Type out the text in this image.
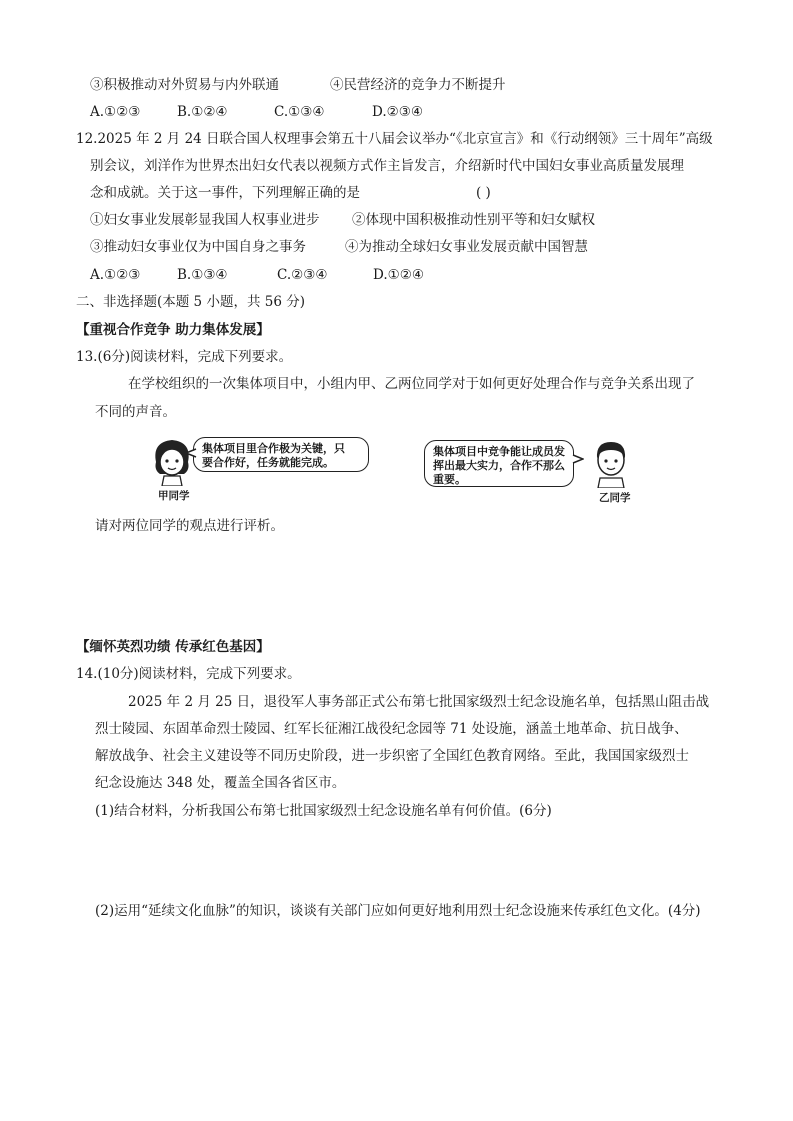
③积极推动对外贸易与内外联通	④民营经济的竞争力不断提升
A.①②③	B.①②④	C.①③④	D.②③④
12.2025 年 2 月 24 日联合国人权理事会第五十八届会议举办“《北京宣言》和《行动纲领》三十周年”高级
别会议，刘洋作为世界杰出妇女代表以视频方式作主旨发言，介绍新时代中国妇女事业高质量发展理
念和成就。关于这一事件，下列理解正确的是	( )
①妇女事业发展彰显我国人权事业进步 ②体现中国积极推动性别平等和妇女赋权
③推动妇女事业仅为中国自身之事务	④为推动全球妇女事业发展贡献中国智慧
A.①②③	B.①③④	C.②③④	D.①②④
二、非选择题(本题 5 小题，共 56 分)
【重视合作竞争 助力集体发展】
13.(6分)阅读材料，完成下列要求。
在学校组织的一次集体项目中，小组内甲、乙两位同学对于如何更好处理合作与竞争关系出现了
不同的声音。
集体项目里合作极为关键，只
要合作好，任务就能完成。
甲同学
集体项目中竞争能让成员发
挥出最大实力，合作不那么
重要。
乙同学
请对两位同学的观点进行评析。
【缅怀英烈功绩 传承红色基因】
14.(10分)阅读材料，完成下列要求。
2025 年 2 月 25 日，退役军人事务部正式公布第七批国家级烈士纪念设施名单，包括黑山阻击战
烈士陵园、东固革命烈士陵园、红军长征湘江战役纪念园等 71 处设施，涵盖土地革命、抗日战争、
解放战争、社会主义建设等不同历史阶段，进一步织密了全国红色教育网络。至此，我国国家级烈士
纪念设施达 348 处，覆盖全国各省区市。
(1)结合材料，分析我国公布第七批国家级烈士纪念设施名单有何价值。(6分)
(2)运用“延续文化血脉”的知识，谈谈有关部门应如何更好地利用烈士纪念设施来传承红色文化。(4分)
